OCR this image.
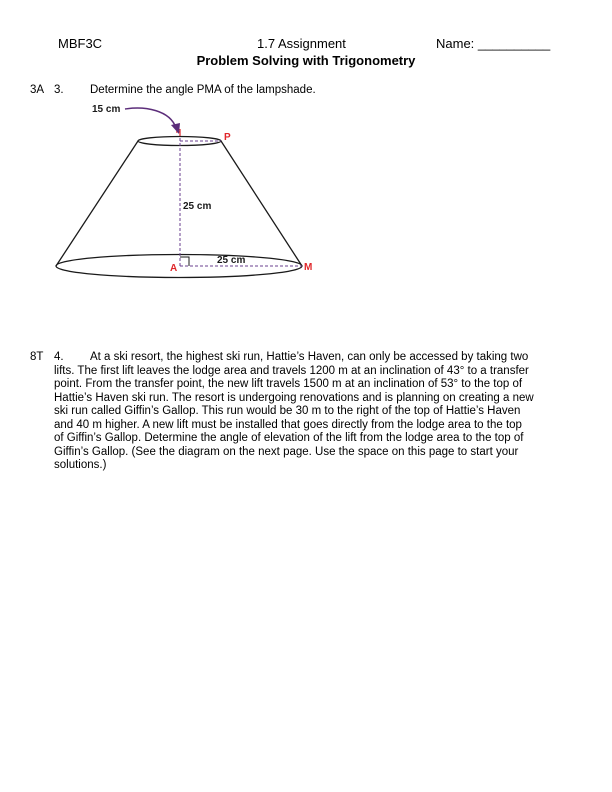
MBF3C	1.7 Assignment	Name: __________
Problem Solving with Trigonometry
3A 3. Determine the angle PMA of the lampshade.
15 cm
25 cm
25 cm
P
M
A
8T 4. At a ski resort, the highest ski run, Hattie’s Haven, can only be accessed by taking two
lifts. The first lift leaves the lodge area and travels 1200 m at an inclination of 43° to a transfer
point. From the transfer point, the new lift travels 1500 m at an inclination of 53° to the top of
Hattie’s Haven ski run. The resort is undergoing renovations and is planning on creating a new
ski run called Giffin’s Gallop. This run would be 30 m to the right of the top of Hattie’s Haven
and 40 m higher. A new lift must be installed that goes directly from the lodge area to the top
of Giffin’s Gallop. Determine the angle of elevation of the lift from the lodge area to the top of
Giffin’s Gallop. (See the diagram on the next page. Use the space on this page to start your
solutions.)
